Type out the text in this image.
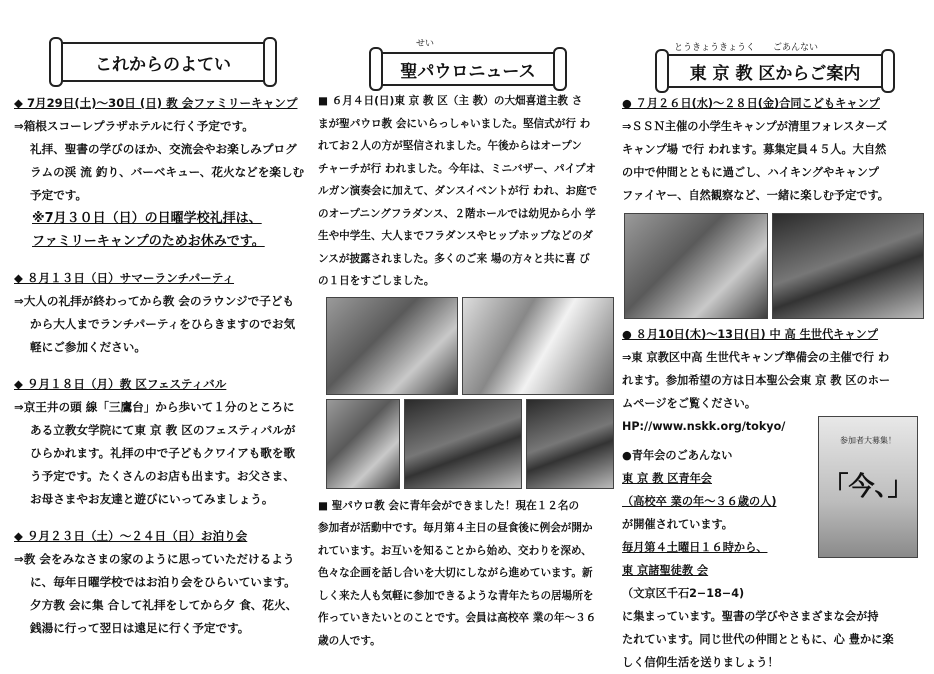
これからのよてい

◆ 7月29日(土)～30日 (日) 教 会ファミリーキャンプ

⇒箱根スコーレプラザホテルに行く予定です。

礼拝、聖書の学びのほか、交流会やお楽しみプログ

ラムの渓 流 釣り、バーベキュー、花火などを楽しむ

予定です。

※7月３０日（日）の日曜学校礼拝は、

ファミリーキャンプのためお休みです。

◆ ８月１３日（日）サマーランチパーティ

⇒大人の礼拝が終わってから教 会のラウンジで子ども

から大人までランチパーティをひらきますのでお気

軽にご参加ください。

◆ ９月１８日（月）教 区フェスティバル

⇒京王井の頭 線「三鷹台」から歩いて１分のところに

ある立教女学院にて東 京 教 区のフェスティバルが

ひらかれます。礼拝の中で子どもクワイアも歌を歌

う予定です。たくさんのお店も出ます。お父さま、

お母さまやお友達と遊びにいってみましょう。

◆ ９月２３日（土）～２４日（日）お泊り会

⇒教 会をみなさまの家のように思っていただけるよう

に、毎年日曜学校ではお泊り会をひらいています。

夕方教 会に集 合して礼拝をしてから夕 食、花火、

銭湯に行って翌日は遠足に行く予定です。

せい
聖パウロニュース

■ ６月４日(日)東 京 教 区（主 教）の大畑喜道主教 さ

まが聖パウロ教 会にいらっしゃいました。堅信式が行 わ

れてお２人の方が堅信されました。午後からはオープン

チャーチが行 われました。今年は、ミニバザー、パイプオ

ルガン演奏会に加えて、ダンスイベントが行 われ、お庭で

のオープニングフラダンス、２階ホールでは幼児から小 学

生や中学生、大人までフラダンスやヒップホップなどのダ

ンスが披露されました。多くのご来 場の方々と共に喜 び

の１日をすごしました。

■ 聖パウロ教 会に青年会ができました！現在１２名の

参加者が活動中です。毎月第４主日の昼食後に例会が開か

れています。お互いを知ることから始め、交わりを深め、

色々な企画を話し合いを大切にしながら進めています。新

しく来た人も気軽に参加できるような青年たちの居場所を

作っていきたいとのことです。会員は高校卒 業の年～３６

歳の人です。

とうきょうきょうく　　ごあんない
東 京 教 区からご案内

● ７月２６日(水)～２８日(金)合同こどもキャンプ

⇒ＳＳＮ主催の小学生キャンプが清里フォレスターズ

キャンプ場 で行 われます。募集定員４５人。大自然

の中で仲間とともに過ごし、ハイキングやキャンプ

ファイヤー、自然観察など、一緒に楽しむ予定です。

● ８月10日(木)～13日(日) 中 高 生世代キャンプ

⇒東 京教区中高 生世代キャンプ準備会の主催で行 わ

れます。参加希望の方は日本聖公会東 京 教 区のホー

ムページをご覧ください。

HP://www.nskk.org/tokyo/

●青年会のごあんない

東 京 教 区青年会

（高校卒 業の年～３６歳の人)

が開催されています。

毎月第４土曜日１６時から、

東 京諸聖徒教 会

（文京区千石2−18−4)

に集まっています。聖書の学びやさまざまな会が持

たれています。同じ世代の仲間とともに、心 豊かに楽

しく信仰生活を送りましょう！

参加者大募集！
「今、」
